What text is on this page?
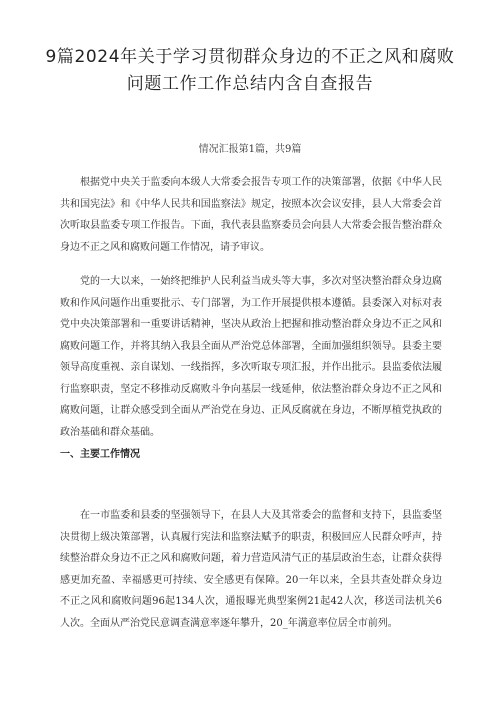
9篇2024年关于学习贯彻群众身边的不正之风和腐败问题工作工作总结内含自查报告

情况汇报第1篇，共9篇

根据党中央关于监委向本级人大常委会报告专项工作的决策部署，依据《中华人民共和国宪法》和《中华人民共和国监察法》规定，按照本次会议安排，县人大常委会首次听取县监委专项工作报告。下面，我代表县监察委员会向县人大常委会报告整治群众身边不正之风和腐败问题工作情况，请予审议。

党的一大以来，一始终把维护人民利益当成头等大事，多次对坚决整治群众身边腐败和作风问题作出重要批示、专门部署，为工作开展提供根本遵循。县委深入对标对表党中央决策部署和一重要讲话精神，坚决从政治上把握和推动整治群众身边不正之风和腐败问题工作，并将其纳入我县全面从严治党总体部署，全面加强组织领导。县委主要领导高度重视、亲自谋划、一线指挥，多次听取专项汇报，并作出批示。县监委依法履行监察职责，坚定不移推动反腐败斗争向基层一线延伸，依法整治群众身边不正之风和腐败问题，让群众感受到全面从严治党在身边、正风反腐就在身边，不断厚植党执政的政治基础和群众基础。

一、主要工作情况

在一市监委和县委的坚强领导下，在县人大及其常委会的监督和支持下，县监委坚决贯彻上级决策部署，认真履行宪法和监察法赋予的职责，积极回应人民群众呼声，持续整治群众身边不正之风和腐败问题，着力营造风清气正的基层政治生态，让群众获得感更加充盈、幸福感更可持续、安全感更有保障。20一年以来，全县共查处群众身边不正之风和腐败问题96起134人次，通报曝光典型案例21起42人次，移送司法机关6人次。全面从严治党民意调查满意率逐年攀升，20_年满意率位居全市前列。
